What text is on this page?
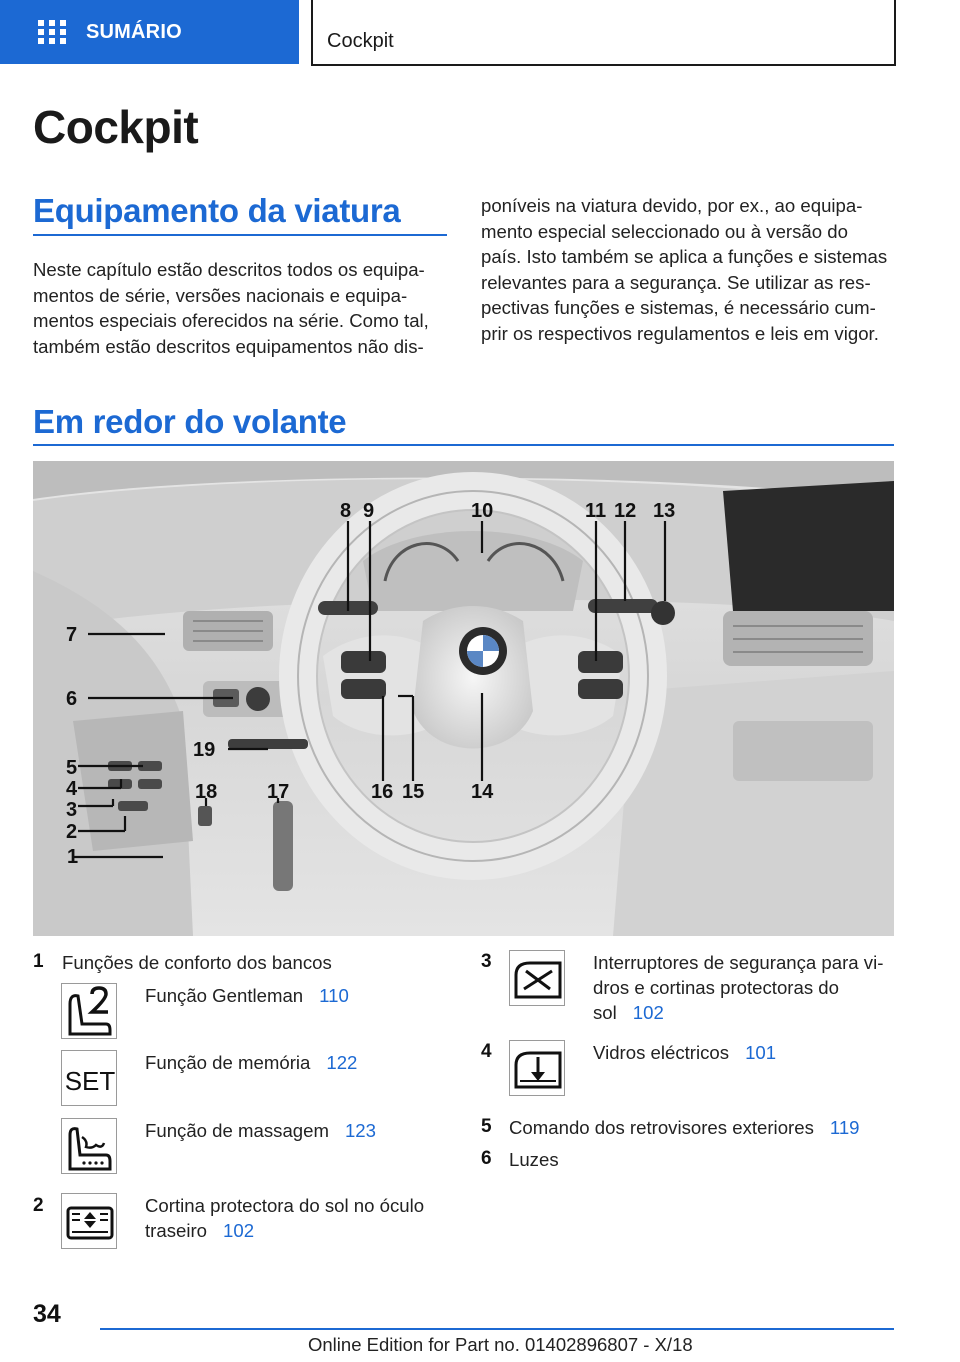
SUMÁRIO	Cockpit
Cockpit
Equipamento da viatura
Neste capítulo estão descritos todos os equipa-
mentos de série, versões nacionais e equipa-
mentos especiais oferecidos na série. Como tal,
também estão descritos equipamentos não dis-
poníveis na viatura devido, por ex., ao equipa-
mento especial seleccionado ou à versão do
país. Isto também se aplica a funções e sistemas
relevantes para a segurança. Se utilizar as res-
pectivas funções e sistemas, é necessário cum-
prir os respectivos regulamentos e leis em vigor.
Em redor do volante
1
2
3
4
5
6
7
8 9	10	11 12 13
14
15
16
17
18
19
1 Funções de conforto dos bancos
Função Gentleman 110
SET
Função de memória 122
Função de massagem 123
2	Cortina protectora do sol no óculo
traseiro 102
3	Interruptores de segurança para vi-
dros e cortinas protectoras do
sol 102
4	Vidros eléctricos 101
5 Comando dos retrovisores exteriores 119
6 Luzes
34
Online Edition for Part no. 01402896807 - X/18
